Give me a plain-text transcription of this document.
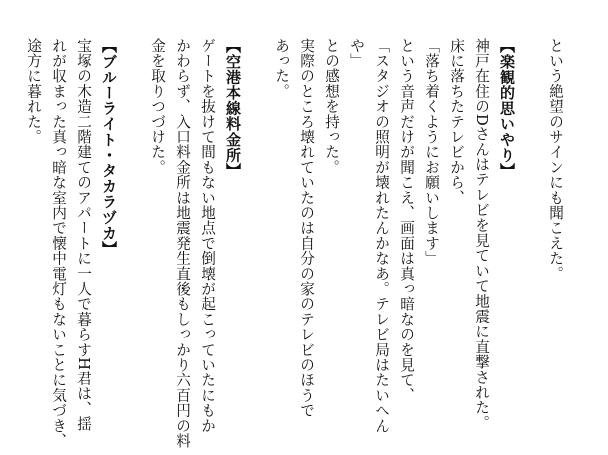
という絶望のサインにも聞こえた。
【楽観的思いやり】
神戸在住のDさんはテレビを見ていて地震に直撃された。
床に落ちたテレビから、
「落ち着くようにお願いします」
という音声だけが聞こえ、画面は真っ暗なのを見て、
「スタジオの照明が壊れたんかなあ。テレビ局はたいへん
や」
との感想を持った。
実際のところ壊れていたのは自分の家のテレビのほうで
あった。
【空港本線料金所】
ゲートを抜けて間もない地点で倒壊が起こっていたにもか
かわらず、入口料金所は地震発生直後もしっかり六百円の料
金を取りつづけた。
【ブルーライト・タカラヅカ】
宝塚の木造二階建てのアパートに一人で暮らすH君は、揺
れが収まった真っ暗な室内で懐中電灯もないことに気づき、
途方に暮れた。
